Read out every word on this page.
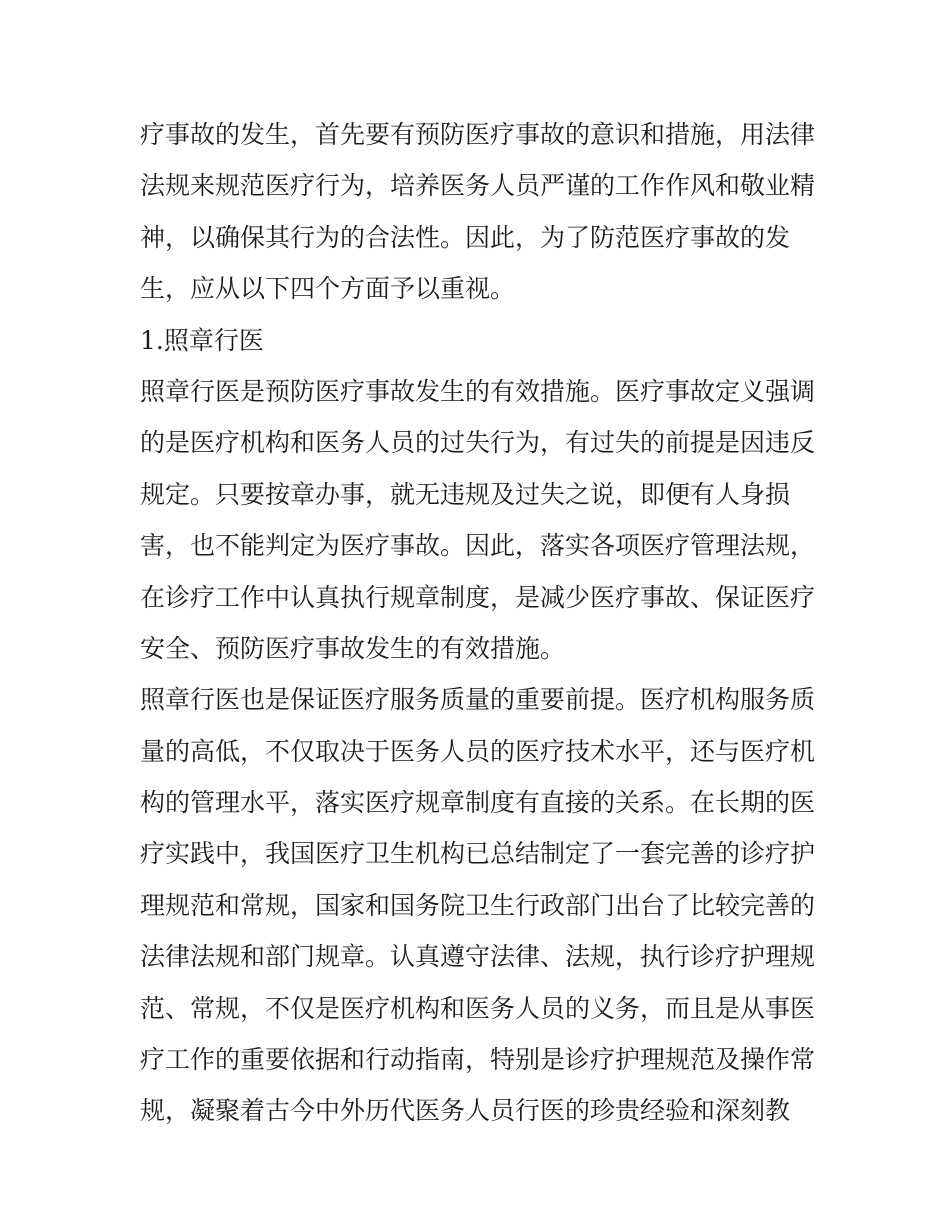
疗事故的发生，首先要有预防医疗事故的意识和措施，用法律
法规来规范医疗行为，培养医务人员严谨的工作作风和敬业精
神，以确保其行为的合法性。因此，为了防范医疗事故的发
生，应从以下四个方面予以重视。
1.照章行医
照章行医是预防医疗事故发生的有效措施。医疗事故定义强调
的是医疗机构和医务人员的过失行为，有过失的前提是因违反
规定。只要按章办事，就无违规及过失之说，即便有人身损
害，也不能判定为医疗事故。因此，落实各项医疗管理法规，
在诊疗工作中认真执行规章制度，是减少医疗事故、保证医疗
安全、预防医疗事故发生的有效措施。
照章行医也是保证医疗服务质量的重要前提。医疗机构服务质
量的高低，不仅取决于医务人员的医疗技术水平，还与医疗机
构的管理水平，落实医疗规章制度有直接的关系。在长期的医
疗实践中，我国医疗卫生机构已总结制定了一套完善的诊疗护
理规范和常规，国家和国务院卫生行政部门出台了比较完善的
法律法规和部门规章。认真遵守法律、法规，执行诊疗护理规
范、常规，不仅是医疗机构和医务人员的义务，而且是从事医
疗工作的重要依据和行动指南，特别是诊疗护理规范及操作常
规，凝聚着古今中外历代医务人员行医的珍贵经验和深刻教
